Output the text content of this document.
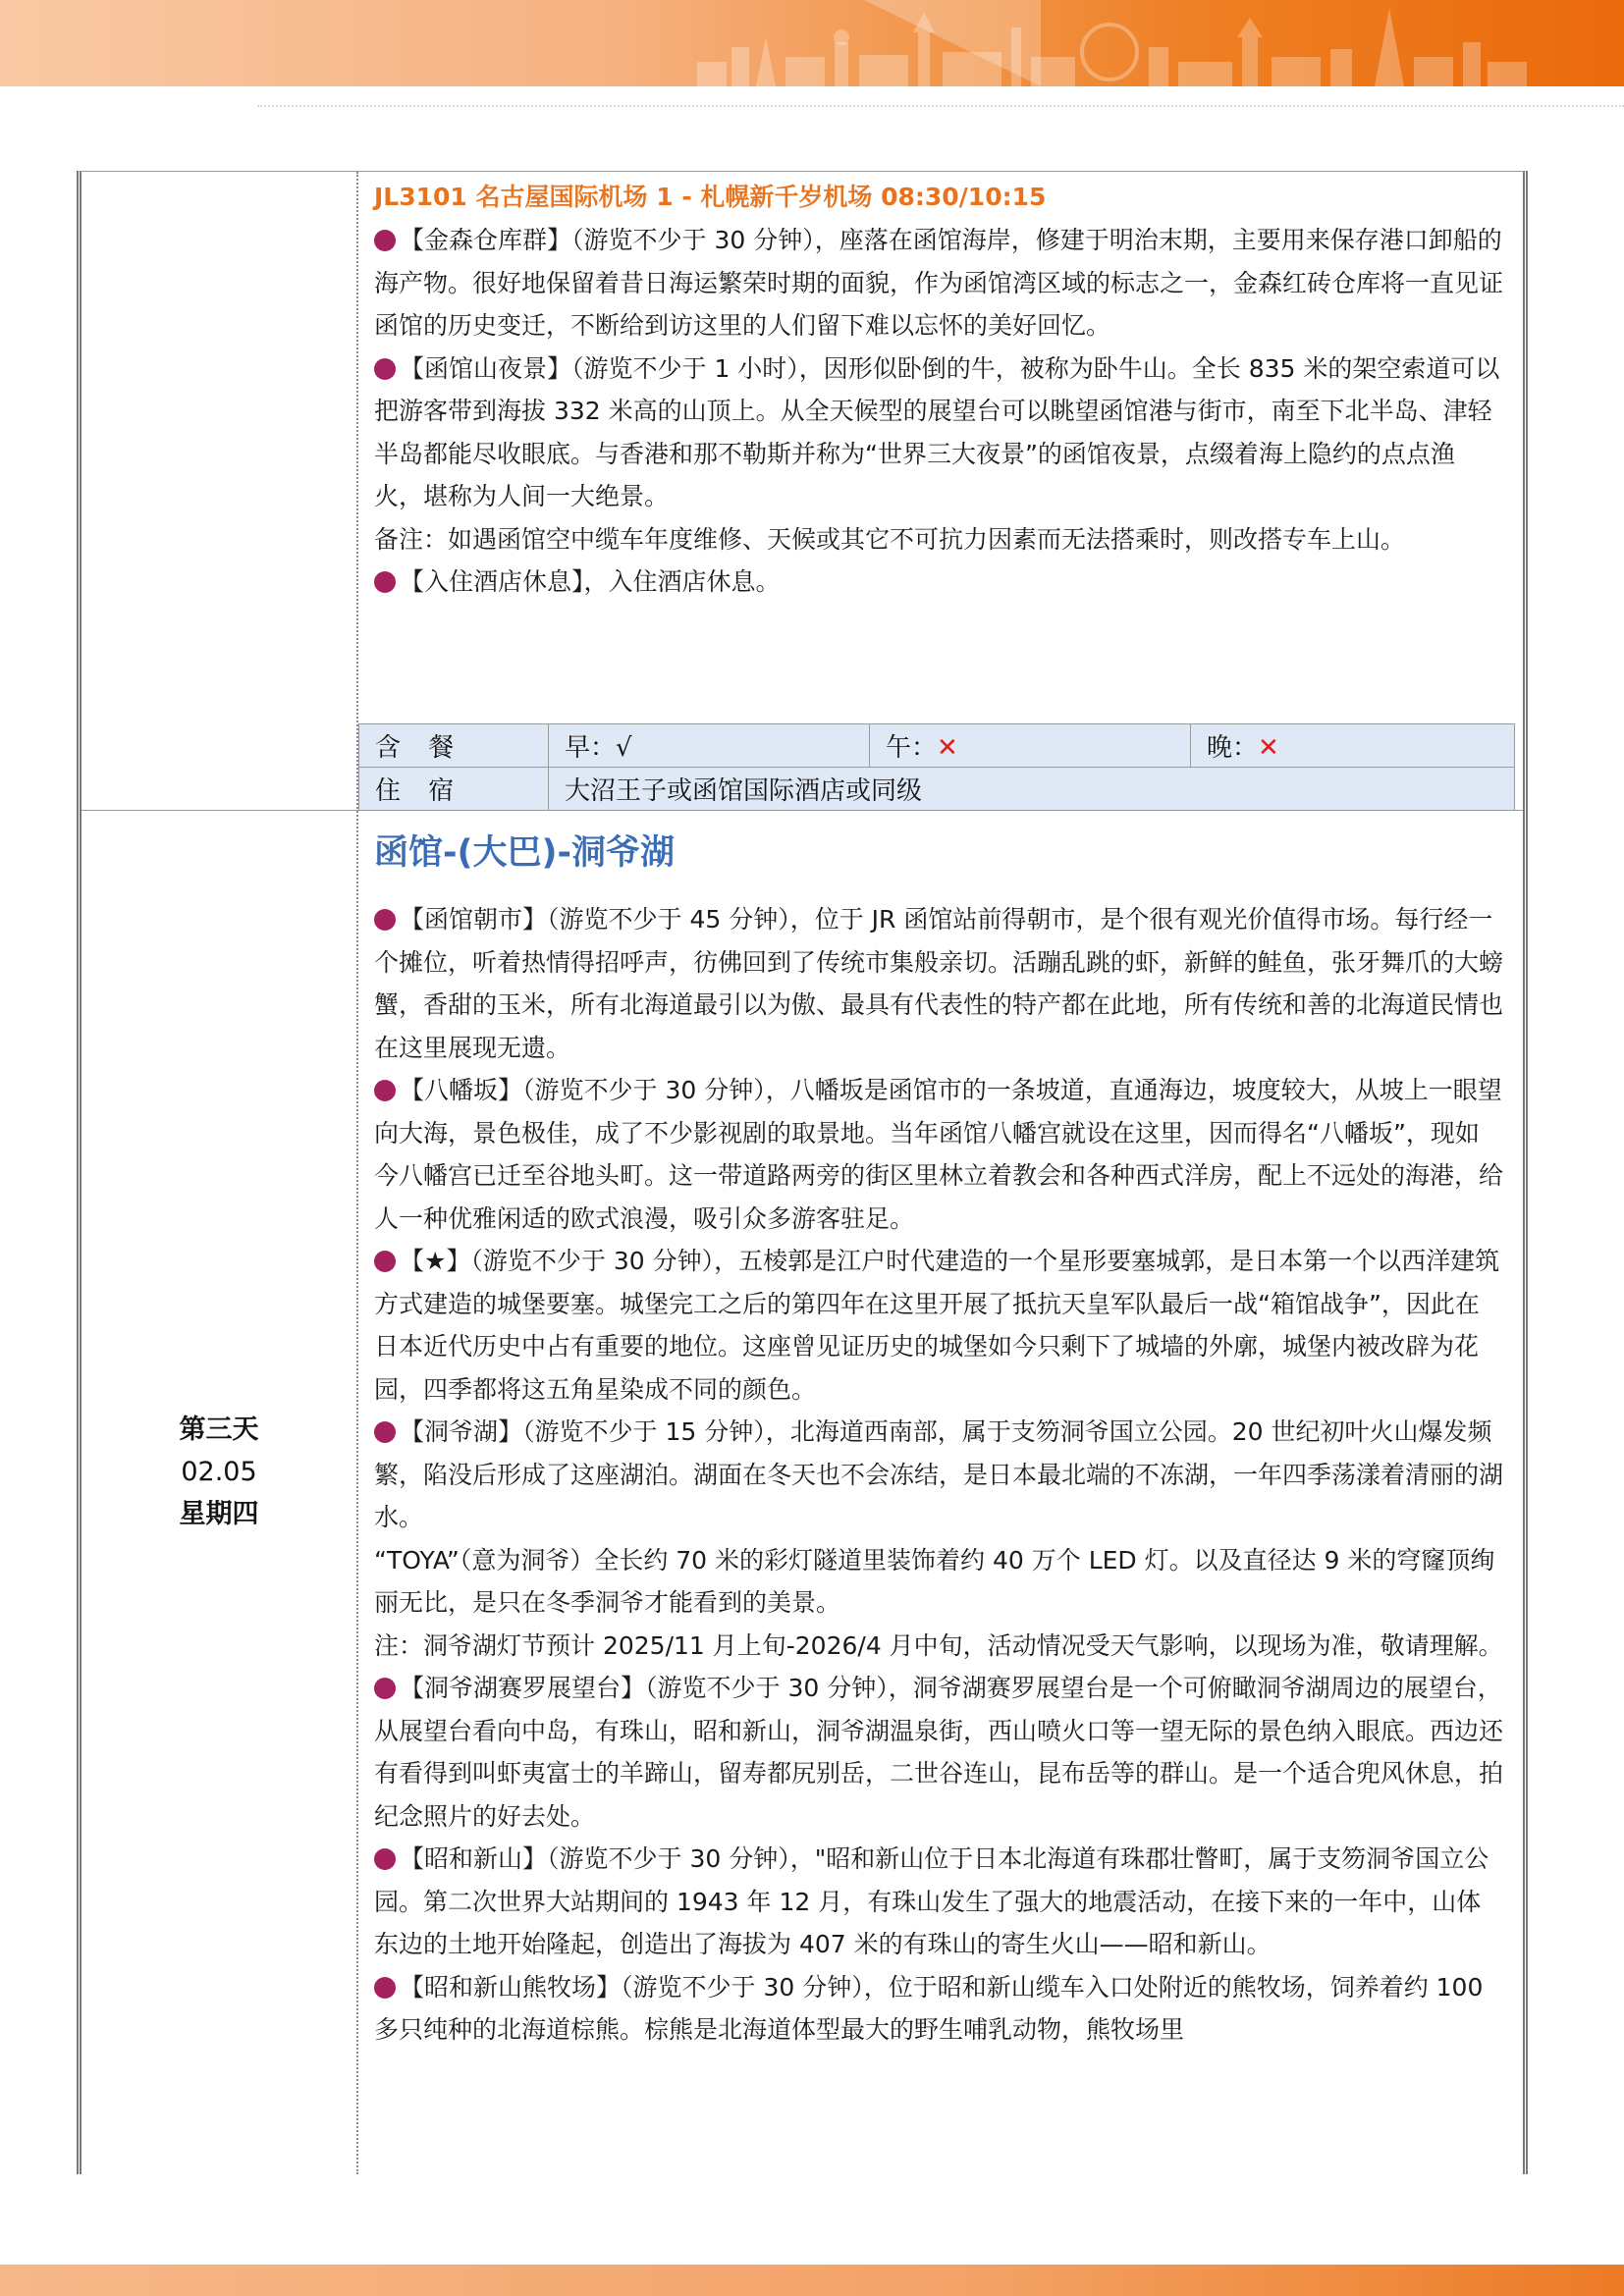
JL3101 名古屋国际机场 1 - 札幌新千岁机场 08:30/10:15

【金森仓库群】（游览不少于 30 分钟），座落在函馆海岸，修建于明治末期，主要用来保存港口卸船的海产物。很好地保留着昔日海运繁荣时期的面貌，作为函馆湾区域的标志之一，金森红砖仓库将一直见证函馆的历史变迁，不断给到访这里的人们留下难以忘怀的美好回忆。

【函馆山夜景】（游览不少于 1 小时），因形似卧倒的牛，被称为卧牛山。全长 835 米的架空索道可以把游客带到海拔 332 米高的山顶上。从全天候型的展望台可以眺望函馆港与街市，南至下北半岛、津轻半岛都能尽收眼底。与香港和那不勒斯并称为“世界三大夜景”的函馆夜景，点缀着海上隐约的点点渔火，堪称为人间一大绝景。

备注：如遇函馆空中缆车年度维修、天候或其它不可抗力因素而无法搭乘时，则改搭专车上山。

【入住酒店休息】，入住酒店休息。

含 餐	早：√	午：✕	晚：✕
住 宿	大沼王子或函馆国际酒店或同级		
第三天
02.05
星期四
函馆-(大巴)-洞爷湖

【函馆朝市】（游览不少于 45 分钟），位于 JR 函馆站前得朝市，是个很有观光价值得市场。每行经一个摊位，听着热情得招呼声，彷佛回到了传统市集般亲切。活蹦乱跳的虾，新鲜的鲑鱼，张牙舞爪的大螃蟹，香甜的玉米，所有北海道最引以为傲、最具有代表性的特产都在此地，所有传统和善的北海道民情也在这里展现无遗。

【八幡坂】（游览不少于 30 分钟），八幡坂是函馆市的一条坡道，直通海边，坡度较大，从坡上一眼望向大海，景色极佳，成了不少影视剧的取景地。当年函馆八幡宫就设在这里，因而得名“八幡坂”，现如今八幡宫已迁至谷地头町。这一带道路两旁的街区里林立着教会和各种西式洋房，配上不远处的海港，给人一种优雅闲适的欧式浪漫，吸引众多游客驻足。

【★】（游览不少于 30 分钟），五棱郭是江户时代建造的一个星形要塞城郭，是日本第一个以西洋建筑方式建造的城堡要塞。城堡完工之后的第四年在这里开展了抵抗天皇军队最后一战“箱馆战争”，因此在日本近代历史中占有重要的地位。这座曾见证历史的城堡如今只剩下了城墙的外廓，城堡内被改辟为花园，四季都将这五角星染成不同的颜色。

【洞爷湖】（游览不少于 15 分钟），北海道西南部，属于支笏洞爷国立公园。20 世纪初叶火山爆发频繁，陷没后形成了这座湖泊。湖面在冬天也不会冻结，是日本最北端的不冻湖，一年四季荡漾着清丽的湖水。

“TOYA”（意为洞爷）全长约 70 米的彩灯隧道里装饰着约 40 万个 LED 灯。以及直径达 9 米的穹窿顶绚丽无比，是只在冬季洞爷才能看到的美景。

注：洞爷湖灯节预计 2025/11 月上旬-2026/4 月中旬，活动情况受天气影响，以现场为准，敬请理解。

【洞爷湖赛罗展望台】（游览不少于 30 分钟），洞爷湖赛罗展望台是一个可俯瞰洞爷湖周边的展望台，从展望台看向中岛，有珠山，昭和新山，洞爷湖温泉街，西山喷火口等一望无际的景色纳入眼底。西边还有看得到叫虾夷富士的羊蹄山，留寿都尻别岳，二世谷连山，昆布岳等的群山。是一个适合兜风休息，拍纪念照片的好去处。

【昭和新山】（游览不少于 30 分钟），"昭和新山位于日本北海道有珠郡壮瞥町，属于支笏洞爷国立公园。第二次世界大站期间的 1943 年 12 月，有珠山发生了强大的地震活动，在接下来的一年中，山体东边的土地开始隆起，创造出了海拔为 407 米的有珠山的寄生火山——昭和新山。

【昭和新山熊牧场】（游览不少于 30 分钟），位于昭和新山缆车入口处附近的熊牧场，饲养着约 100 多只纯种的北海道棕熊。棕熊是北海道体型最大的野生哺乳动物，熊牧场里
